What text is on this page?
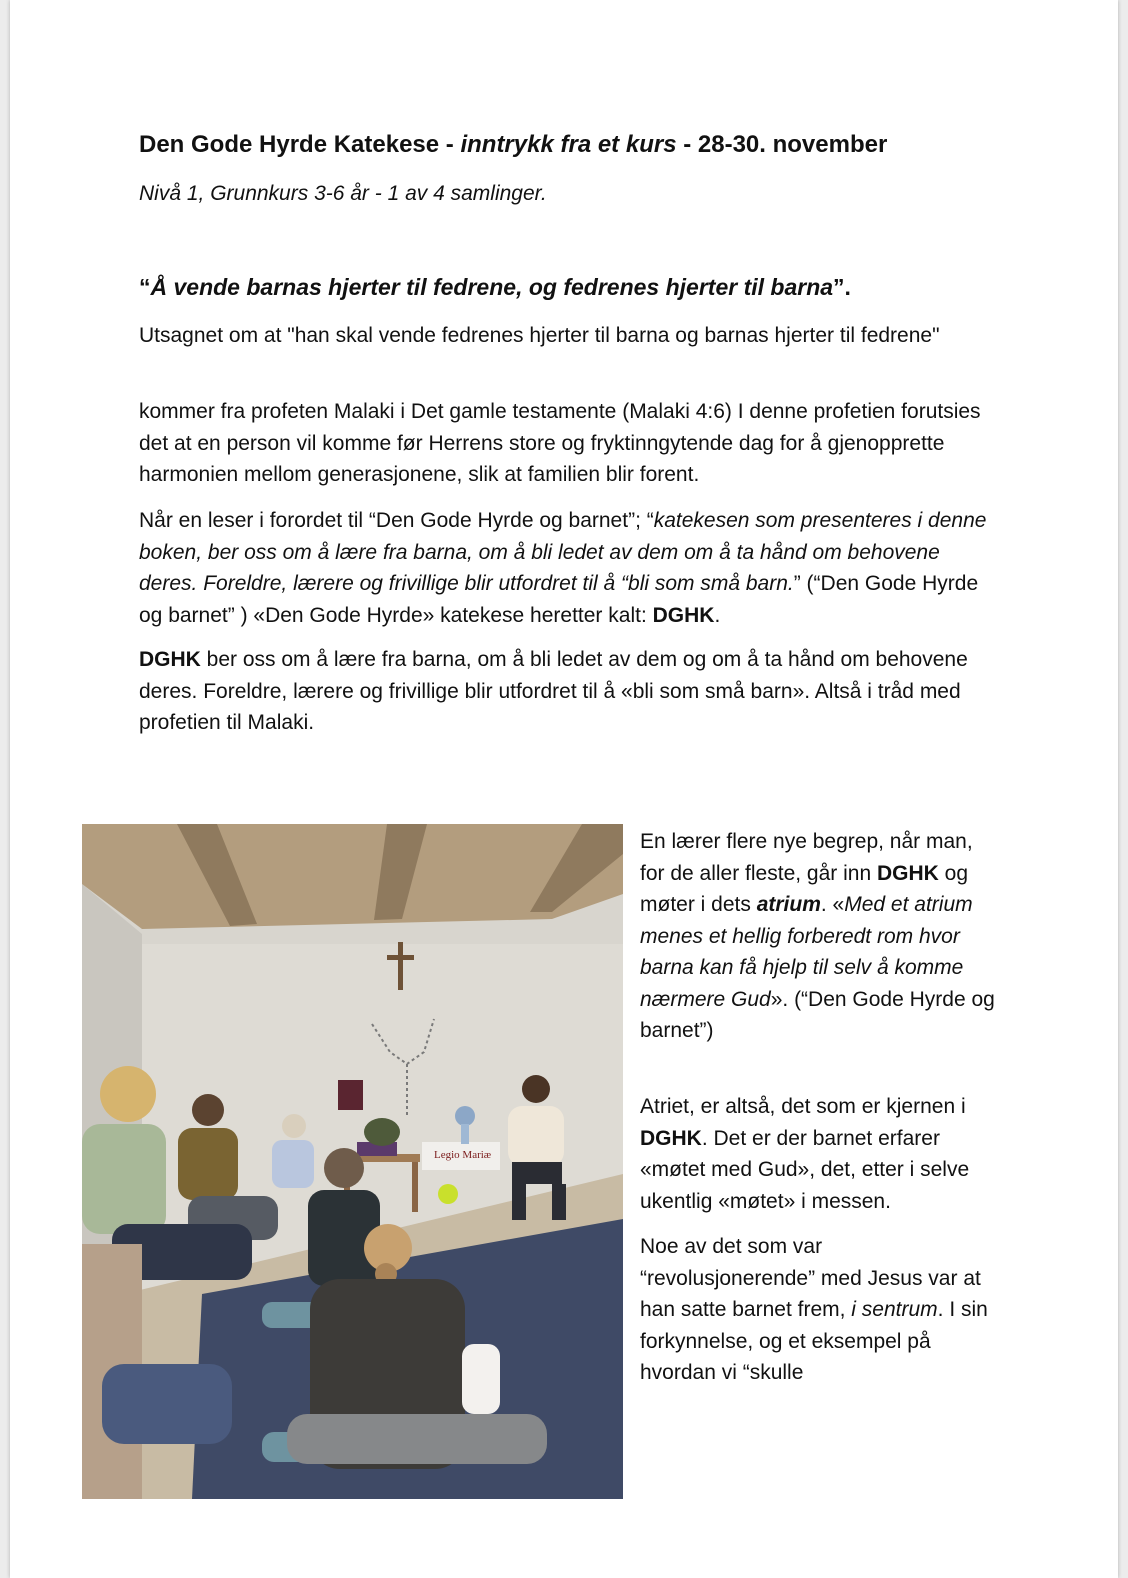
Den Gode Hyrde Katekese - inntrykk fra et kurs - 28-30. november

Nivå 1, Grunnkurs 3-6 år - 1 av 4 samlinger.

“Å vende barnas hjerter til fedrene, og fedrenes hjerter til barna”.

Utsagnet om at "han skal vende fedrenes hjerter til barna og barnas hjerter til fedrene"

kommer fra profeten Malaki i Det gamle testamente (Malaki 4:6) I denne profetien forutsies det at en person vil komme før Herrens store og fryktinngytende dag for å gjenopprette harmonien mellom generasjonene, slik at familien blir forent.

Når en leser i forordet til “Den Gode Hyrde og barnet”; “katekesen som presenteres i denne boken, ber oss om å lære fra barna, om å bli ledet av dem om å ta hånd om behovene deres. Foreldre, lærere og frivillige blir utfordret til å “bli som små barn.” (“Den Gode Hyrde og barnet” ) «Den Gode Hyrde» katekese heretter kalt: DGHK.

DGHK ber oss om å lære fra barna, om å bli ledet av dem og om å ta hånd om behovene deres. Foreldre, lærere og frivillige blir utfordret til å «bli som små barn». Altså i tråd med profetien til Malaki.

Legio Mariæ

En lærer flere nye begrep, når man, for de aller fleste, går inn DGHK og møter i dets atrium. «Med et atrium menes et hellig forberedt rom hvor barna kan få hjelp til selv å komme nærmere Gud». (“Den Gode Hyrde og barnet”)

Atriet, er altså, det som er kjernen i DGHK. Det er der barnet erfarer «møtet med Gud», det, etter i selve ukentlig «møtet» i messen.

Noe av det som var “revolusjonerende” med Jesus var at han satte barnet frem, i sentrum. I sin forkynnelse, og et eksempel på hvordan vi “skulle
